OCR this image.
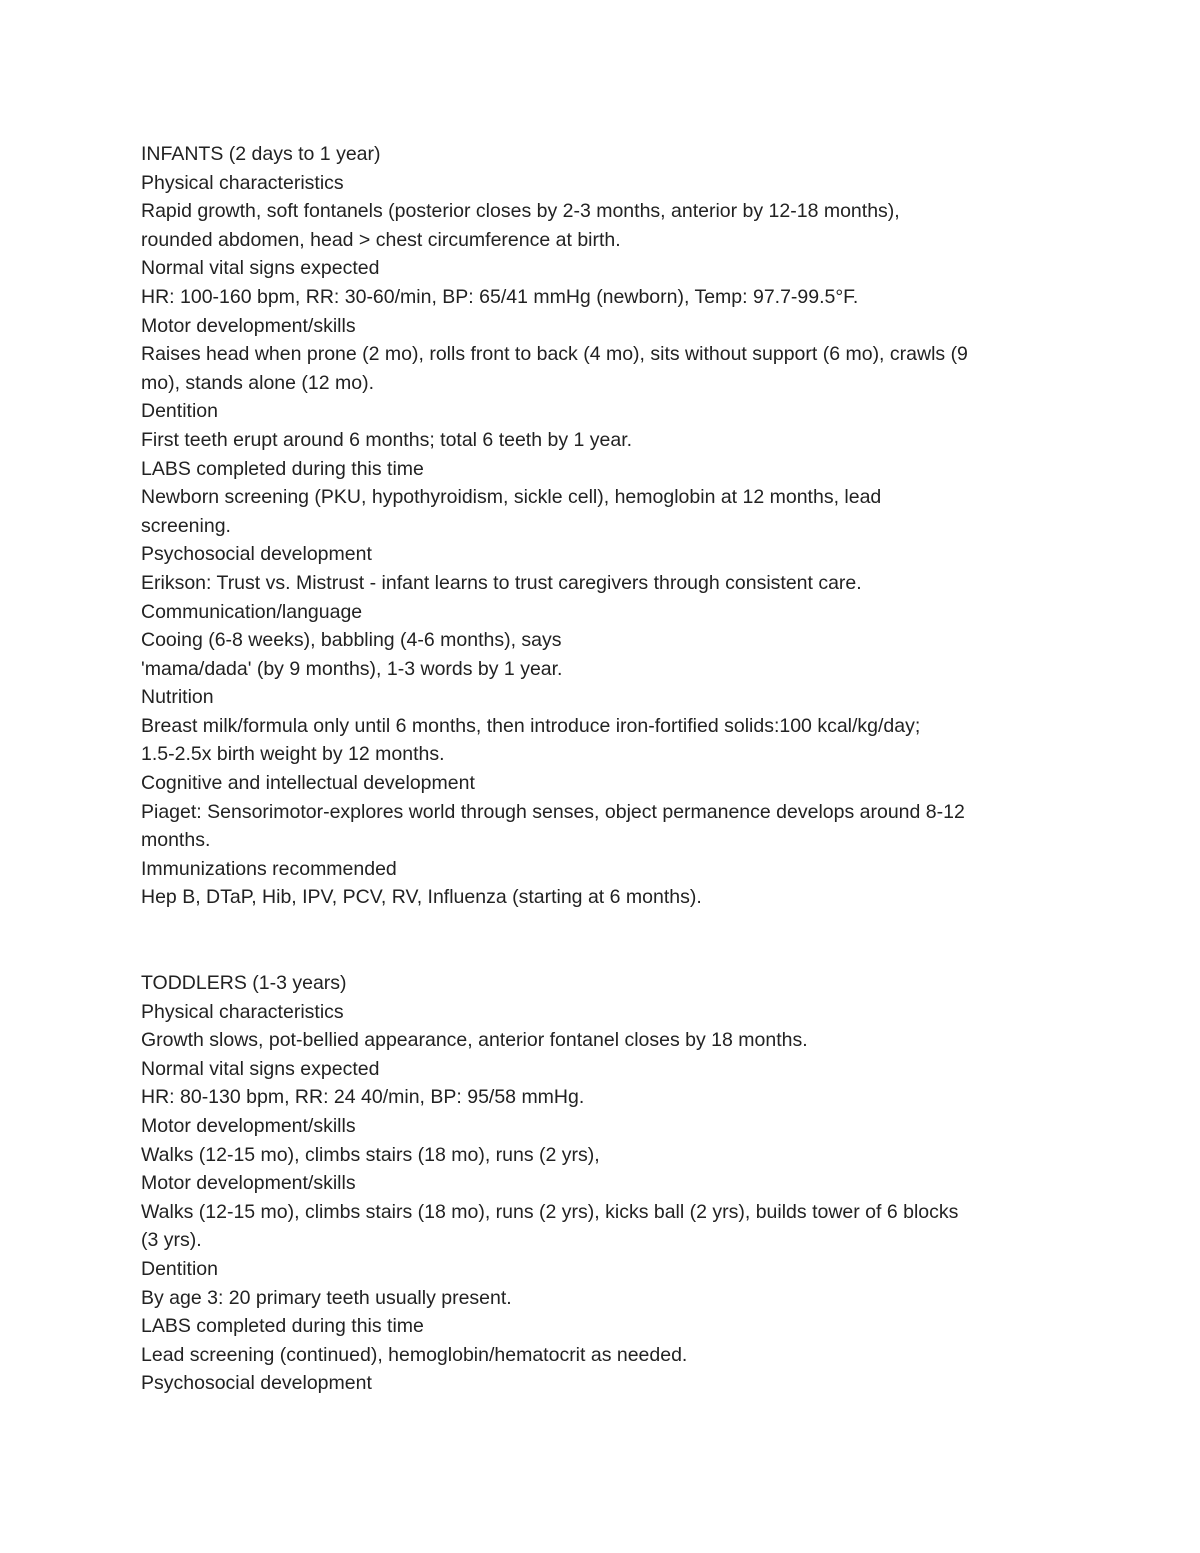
INFANTS (2 days to 1 year)
Physical characteristics
Rapid growth, soft fontanels (posterior closes by 2-3 months, anterior by 12-18 months),
rounded abdomen, head > chest circumference at birth.
Normal vital signs expected
HR: 100-160 bpm, RR: 30-60/min, BP: 65/41 mmHg (newborn), Temp: 97.7-99.5°F.
Motor development/skills
Raises head when prone (2 mo), rolls front to back (4 mo), sits without support (6 mo), crawls (9
mo), stands alone (12 mo).
Dentition
First teeth erupt around 6 months; total 6 teeth by 1 year.
LABS completed during this time
Newborn screening (PKU, hypothyroidism, sickle cell), hemoglobin at 12 months, lead
screening.
Psychosocial development
Erikson: Trust vs. Mistrust - infant learns to trust caregivers through consistent care.
Communication/language
Cooing (6-8 weeks), babbling (4-6 months), says
'mama/dada' (by 9 months), 1-3 words by 1 year.
Nutrition
Breast milk/formula only until 6 months, then introduce iron-fortified solids:100 kcal/kg/day;
1.5-2.5x birth weight by 12 months.
Cognitive and intellectual development
Piaget: Sensorimotor-explores world through senses, object permanence develops around 8-12
months.
Immunizations recommended
Hep B, DTaP, Hib, IPV, PCV, RV, Influenza (starting at 6 months).
TODDLERS (1-3 years)
Physical characteristics
Growth slows, pot-bellied appearance, anterior fontanel closes by 18 months.
Normal vital signs expected
HR: 80-130 bpm, RR: 24 40/min, BP: 95/58 mmHg.
Motor development/skills
Walks (12-15 mo), climbs stairs (18 mo), runs (2 yrs),
Motor development/skills
Walks (12-15 mo), climbs stairs (18 mo), runs (2 yrs), kicks ball (2 yrs), builds tower of 6 blocks
(3 yrs).
Dentition
By age 3: 20 primary teeth usually present.
LABS completed during this time
Lead screening (continued), hemoglobin/hematocrit as needed.
Psychosocial development
